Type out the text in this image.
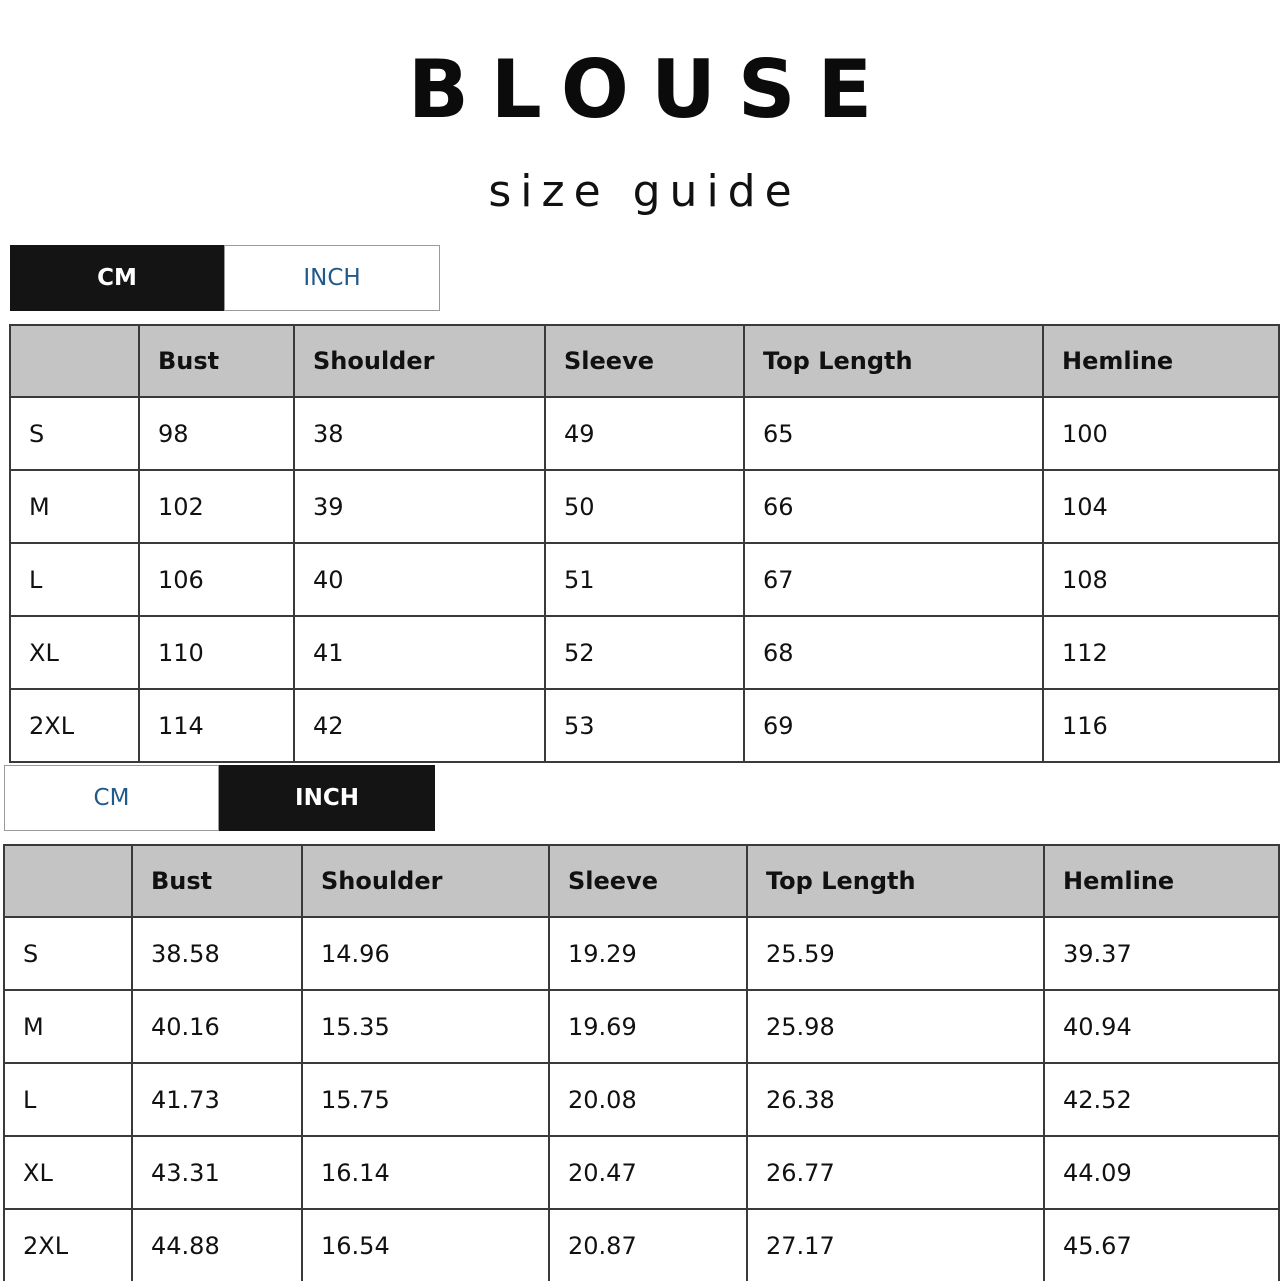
BLOUSE
size guide
CM	INCH
	Bust	Shoulder	Sleeve	Top Length	Hemline
S	98	38	49	65	100
M	102	39	50	66	104
L	106	40	51	67	108
XL	110	41	52	68	112
2XL	114	42	53	69	116
CM	INCH
	Bust	Shoulder	Sleeve	Top Length	Hemline
S	38.58	14.96	19.29	25.59	39.37
M	40.16	15.35	19.69	25.98	40.94
L	41.73	15.75	20.08	26.38	42.52
XL	43.31	16.14	20.47	26.77	44.09
2XL	44.88	16.54	20.87	27.17	45.67
